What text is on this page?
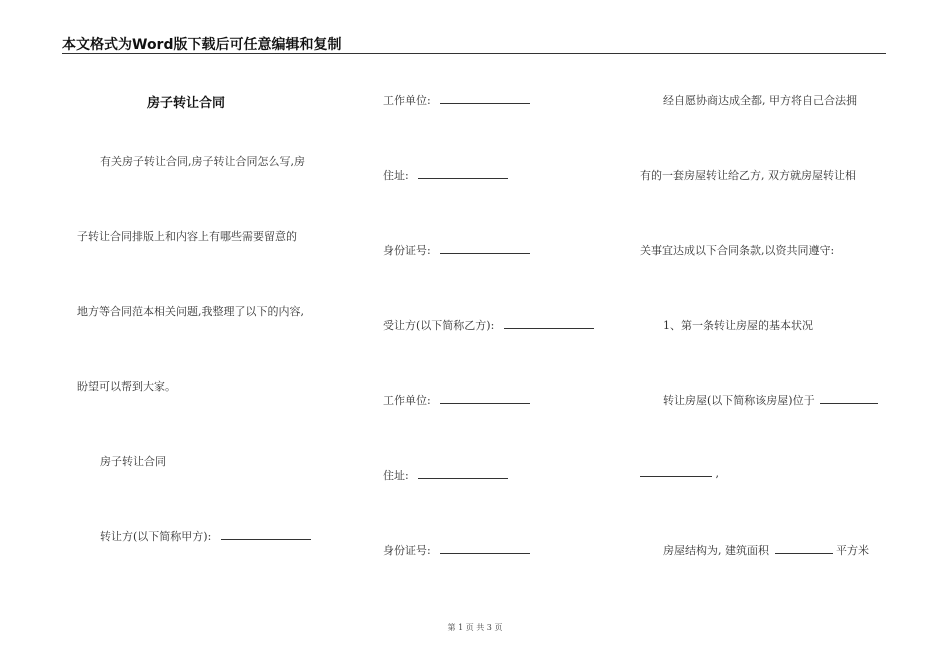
本文格式为Word版下载后可任意编辑和复制
房子转让合同
有关房子转让合同,房子转让合同怎么写,房
子转让合同排版上和内容上有哪些需要留意的
地方等合同范本相关问题,我整理了以下的内容,
盼望可以帮到大家。
房子转让合同
转让方(以下简称甲方):
工作单位:
住址:
身份证号:
受让方(以下简称乙方):
工作单位:
住址:
身份证号:
经自愿协商达成全都, 甲方将自己合法拥
有的一套房屋转让给乙方, 双方就房屋转让相
关事宜达成以下合同条款,以资共同遵守:
1、第一条转让房屋的基本状况
转让房屋(以下简称该房屋)位于
,
房屋结构为, 建筑面积	平方米
第 1 页 共 3 页
